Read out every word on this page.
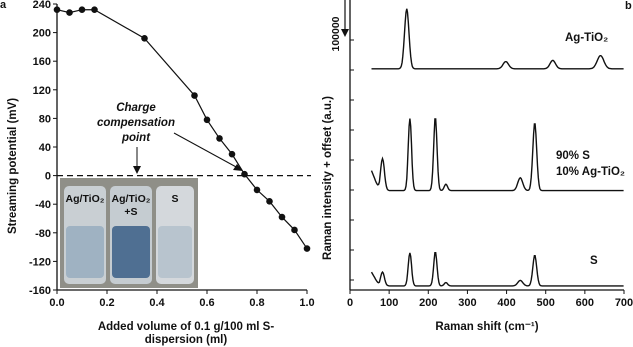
a
Ag/TiO₂ Ag/TiO₂
+S
S
240
200
160
120
80
40
0
-40
-80
-120
-160
0.0	0.2	0.4	0.6	0.8	1.0
Charge
compensation
point
Streaming potential (mV)
Added volume of 0.1 g/100 ml S-
dispersion (ml)
b
0 100 200 300 400 500 600 700
100000	Ag-TiO₂
90% S
10% Ag-TiO₂
S
Raman intensity + offset (a.u.)
Raman shift (cm⁻¹)
